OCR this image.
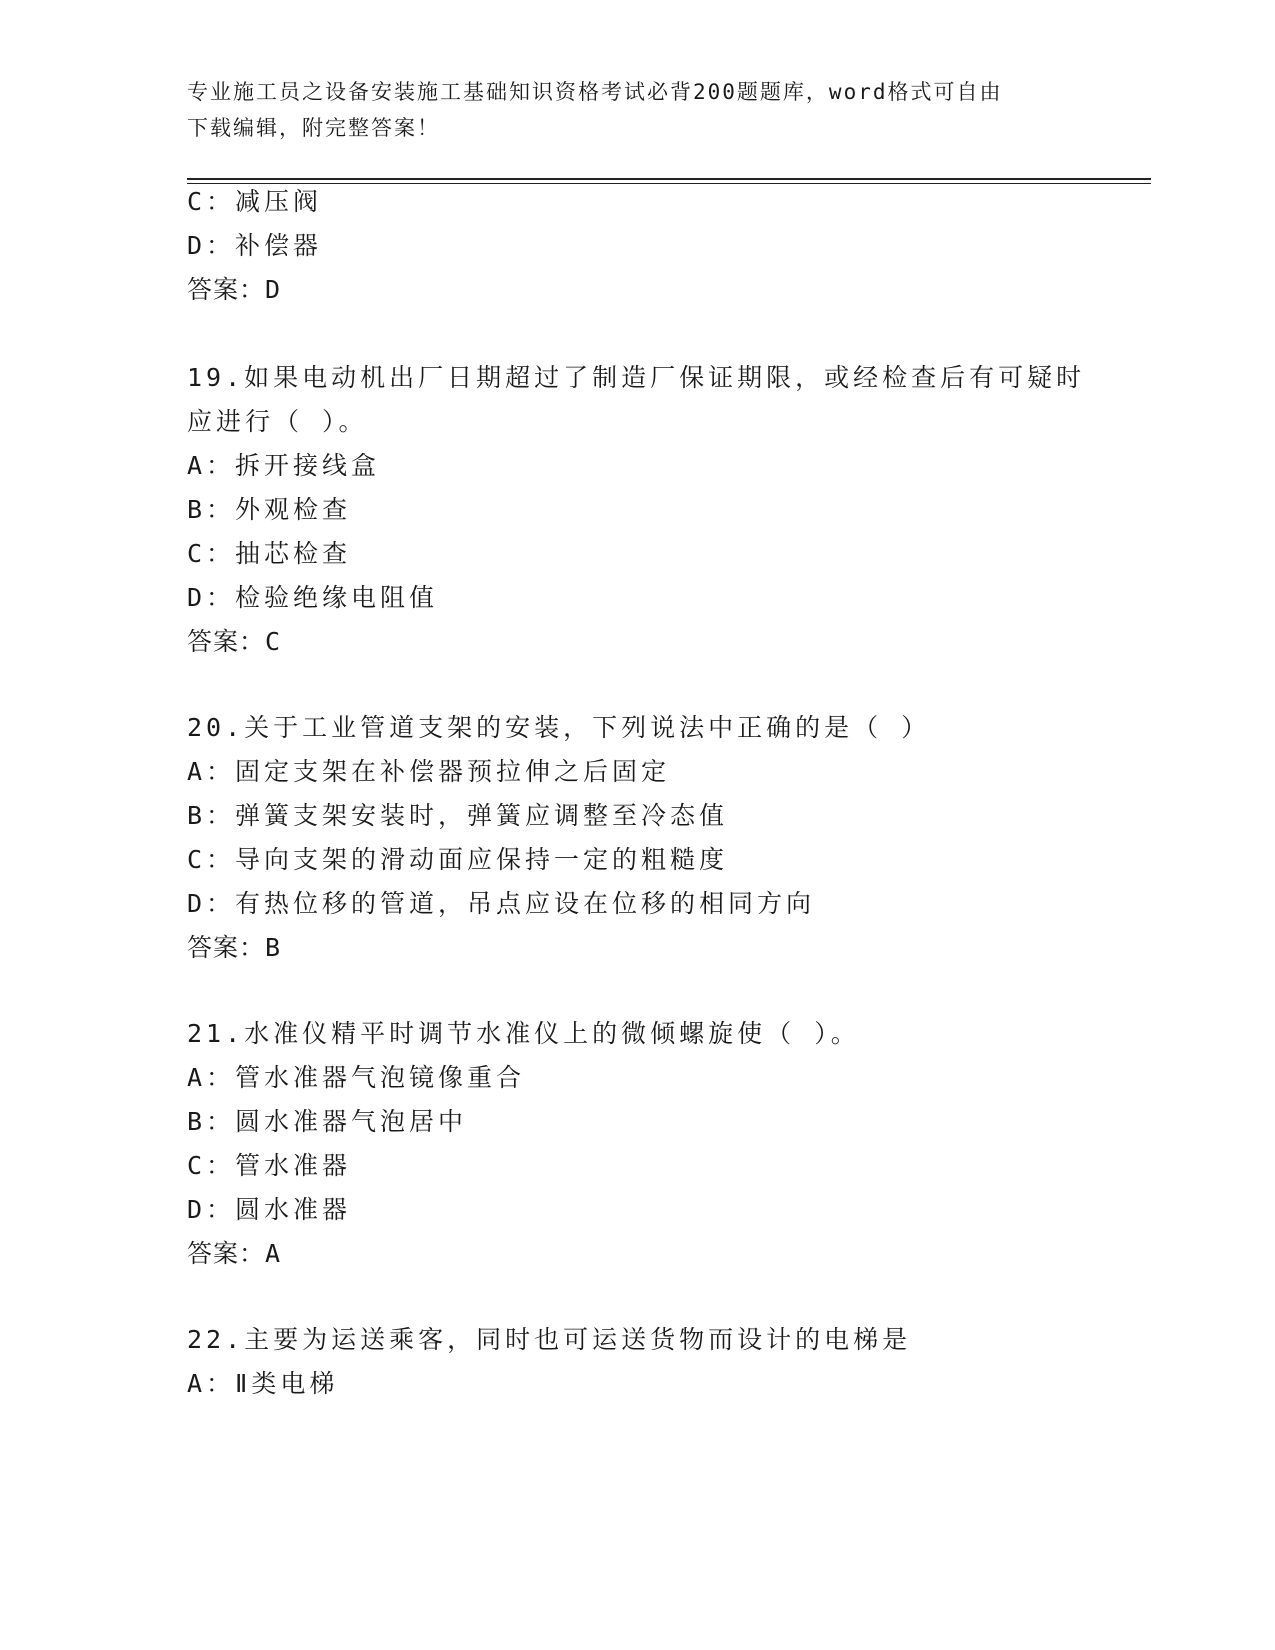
专业施工员之设备安装施工基础知识资格考试必背200题题库，word格式可自由
下载编辑，附完整答案！
C：减压阀
D：补偿器
答案：D
19.如果电动机出厂日期超过了制造厂保证期限，或经检查后有可疑时
应进行（ ）。
A：拆开接线盒
B：外观检查
C：抽芯检查
D：检验绝缘电阻值
答案：C
20.关于工业管道支架的安装，下列说法中正确的是（ ）
A：固定支架在补偿器预拉伸之后固定
B：弹簧支架安装时，弹簧应调整至冷态值
C：导向支架的滑动面应保持一定的粗糙度
D：有热位移的管道，吊点应设在位移的相同方向
答案：B
21.水准仪精平时调节水准仪上的微倾螺旋使（ ）。
A：管水准器气泡镜像重合
B：圆水准器气泡居中
C：管水准器
D：圆水准器
答案：A
22.主要为运送乘客，同时也可运送货物而设计的电梯是
A：Ⅱ类电梯
